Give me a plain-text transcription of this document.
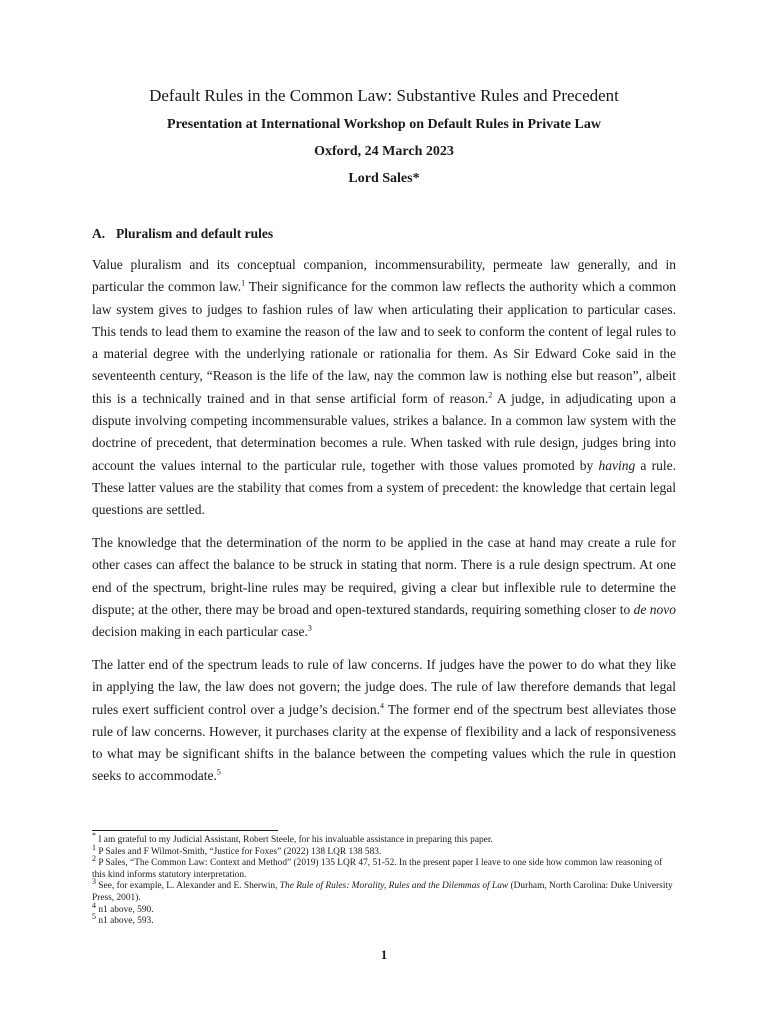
Default Rules in the Common Law: Substantive Rules and Precedent
Presentation at International Workshop on Default Rules in Private Law
Oxford, 24 March 2023
Lord Sales*
A. Pluralism and default rules
Value pluralism and its conceptual companion, incommensurability, permeate law generally, and in particular the common law.$^1$ Their significance for the common law reflects the authority which a common law system gives to judges to fashion rules of law when articulating their application to particular cases. This tends to lead them to examine the reason of the law and to seek to conform the content of legal rules to a material degree with the underlying rationale or rationalia for them. As Sir Edward Coke said in the seventeenth century, “Reason is the life of the law, nay the common law is nothing else but reason”, albeit this is a technically trained and in that sense artificial form of reason.$^2$ A judge, in adjudicating upon a dispute involving competing incommensurable values, strikes a balance. In a common law system with the doctrine of precedent, that determination becomes a rule. When tasked with rule design, judges bring into account the values internal to the particular rule, together with those values promoted by having a rule. These latter values are the stability that comes from a system of precedent: the knowledge that certain legal questions are settled.
The knowledge that the determination of the norm to be applied in the case at hand may create a rule for other cases can affect the balance to be struck in stating that norm. There is a rule design spectrum. At one end of the spectrum, bright-line rules may be required, giving a clear but inflexible rule to determine the dispute; at the other, there may be broad and open-textured standards, requiring something closer to de novo decision making in each particular case.$^3$
The latter end of the spectrum leads to rule of law concerns. If judges have the power to do what they like in applying the law, the law does not govern; the judge does. The rule of law therefore demands that legal rules exert sufficient control over a judge’s decision.$^4$ The former end of the spectrum best alleviates those rule of law concerns. However, it purchases clarity at the expense of flexibility and a lack of responsiveness to what may be significant shifts in the balance between the competing values which the rule in question seeks to accommodate.$^5$

* I am grateful to my Judicial Assistant, Robert Steele, for his invaluable assistance in preparing this paper.

$^1$ P Sales and F Wilmot-Smith, “Justice for Foxes” (2022) 138 LQR 138 583.

$^2$ P Sales, “The Common Law: Context and Method” (2019) 135 LQR 47, 51-52. In the present paper I leave to one side how common law reasoning of this kind informs statutory interpretation.

$^3$ See, for example, L. Alexander and E. Sherwin, The Rule of Rules: Morality, Rules and the Dilemmas of Law (Durham, North Carolina: Duke University Press, 2001).

$^4$ n1 above, 590.

$^5$ n1 above, 593.

1
